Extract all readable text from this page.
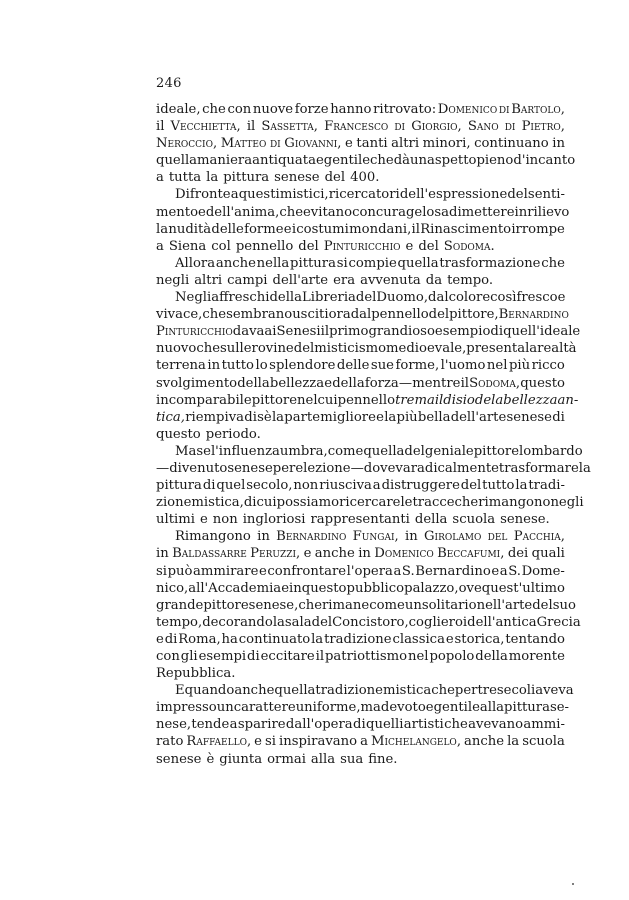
246
ideale, che con nuove forze hanno ritrovato: Domenico di Bartolo,
il Vecchietta, il Sassetta, Francesco di Giorgio, Sano di Pietro,
Neroccio, Matteo di Giovanni, e tanti altri minori, continuano in
quella maniera antiquata e gentile che dà un aspetto pieno d'incanto
a tutta la pittura senese del 400.
Di fronte a questi mistici, ricercatori dell'espressione del senti-
mento e dell'anima, che evitano con cura gelosa di mettere in rilievo
la nudità delle forme e i costumi mondani, il Rinascimento irrompe
a Siena col pennello del Pinturicchio e del Sodoma.
Allora anche nella pittura si compie quella trasformazione che
negli altri campi dell'arte era avvenuta da tempo.
Negli affreschi della Libreria del Duomo, dal colore così fresco e
vivace, che sembrano usciti ora dal pennello del pittore, Bernardino
Pinturicchio dava ai Senesi il primo grandioso esempio di quell'ideale
nuovo che sulle rovine del misticismo medioevale, presenta la realtà
terrena in tutto lo splendore delle sue forme, l'uomo nel più ricco
svolgimento della bellezza e della forza — mentre il Sodoma, questo
incomparabile pittore nel cui pennello trema il disio de la bellezza an-
tica, riempiva di sè la parte migliore e la più bella dell'arte senese di
questo periodo.
Ma se l'influenza umbra, come quella del geniale pittore lombardo
— divenuto senese per elezione — doveva radicalmente trasformare la
pittura di quel secolo, non riusciva a distruggere del tutto la tradi-
zione mistica, di cui possiamo ricercare le tracce che rimangono negli
ultimi e non ingloriosi rappresentanti della scuola senese.
Rimangono in Bernardino Fungai, in Girolamo del Pacchia,
in Baldassarre Peruzzi, e anche in Domenico Beccafumi, dei quali
si può ammirare e confrontare l'opera a S. Bernardino e a S. Dome-
nico, all'Accademia e in questo pubblico palazzo, ove quest'ultimo
grande pittore senese, che rimane come un solitario nell'arte del suo
tempo, decorando la sala del Concistoro, cogli eroi dell'antica Grecia
e di Roma, ha continuato la tradizione classica e storica, tentando
con gli esempi di eccitare il patriottismo nel popolo della morente
Repubblica.
E quando anche quella tradizione mistica che per tre secoli aveva
impresso un carattere uniforme, ma devoto e gentile alla pittura se-
nese, tende a sparire dall'opera di quelli artisti che avevano ammi-
rato Raffaello, e si inspiravano a Michelangelo, anche la scuola
senese è giunta ormai alla sua fine.
